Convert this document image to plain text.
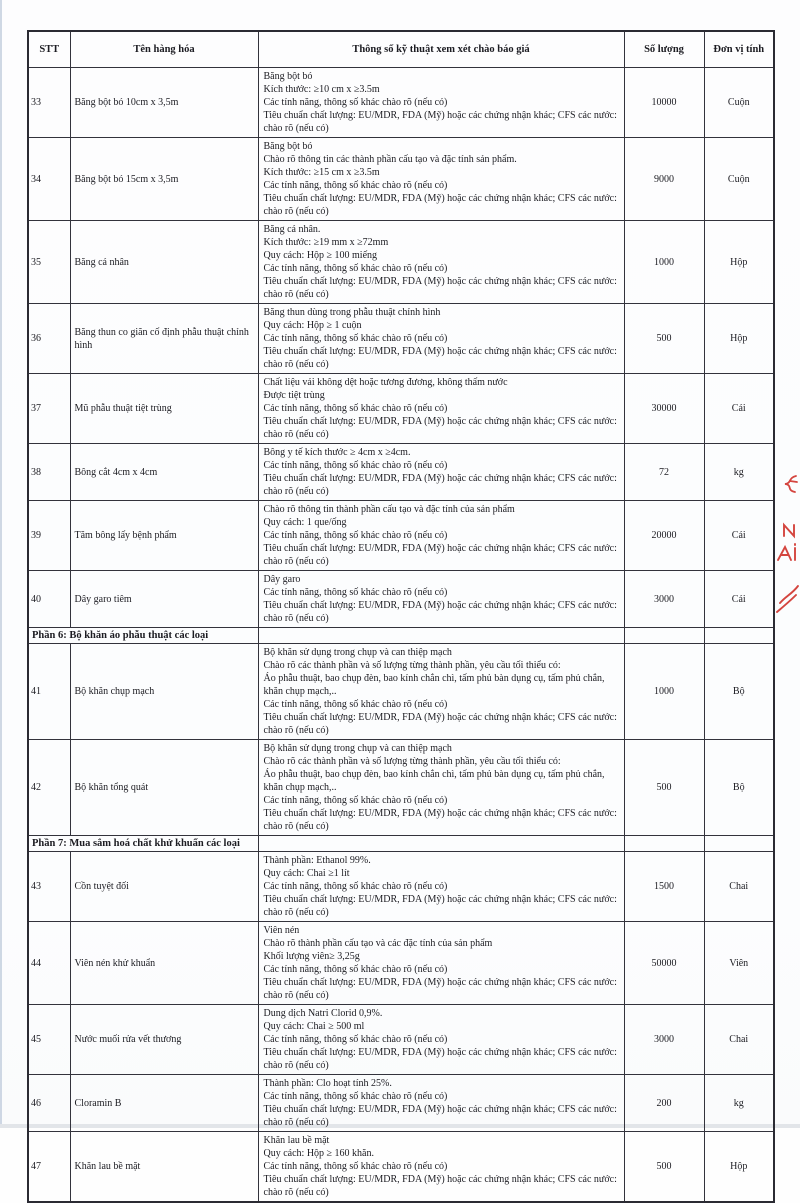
STT	Tên hàng hóa	Thông số kỹ thuật xem xét chào báo giá	Số lượng	Đơn vị tính
33	Băng bột bó 10cm x 3,5m	Băng bột bó
Kích thước: ≥10 cm x ≥3.5m
Các tính năng, thông số khác chào rõ (nếu có)
Tiêu chuẩn chất lượng: EU/MDR, FDA (Mỹ) hoặc các chứng nhận khác; CFS các nước: chào rõ (nếu có)	10000	Cuộn
34	Băng bột bó 15cm x 3,5m	Băng bột bó
Chào rõ thông tin các thành phần cấu tạo và đặc tính sản phẩm.
Kích thước: ≥15 cm x ≥3.5m
Các tính năng, thông số khác chào rõ (nếu có)
Tiêu chuẩn chất lượng: EU/MDR, FDA (Mỹ) hoặc các chứng nhận khác; CFS các nước: chào rõ (nếu có)	9000	Cuộn
35	Băng cá nhân	Băng cá nhân.
Kích thước: ≥19 mm x ≥72mm
Quy cách: Hộp ≥ 100 miếng
Các tính năng, thông số khác chào rõ (nếu có)
Tiêu chuẩn chất lượng: EU/MDR, FDA (Mỹ) hoặc các chứng nhận khác; CFS các nước: chào rõ (nếu có)	1000	Hộp
36	Băng thun co giãn cố định phẫu thuật chỉnh hình	Băng thun dùng trong phẫu thuật chỉnh hình
Quy cách: Hộp ≥ 1 cuộn
Các tính năng, thông số khác chào rõ (nếu có)
Tiêu chuẩn chất lượng: EU/MDR, FDA (Mỹ) hoặc các chứng nhận khác; CFS các nước: chào rõ (nếu có)	500	Hộp
37	Mũ phẫu thuật tiệt trùng	Chất liệu vải không dệt hoặc tương đương, không thấm nước
Được tiệt trùng
Các tính năng, thông số khác chào rõ (nếu có)
Tiêu chuẩn chất lượng: EU/MDR, FDA (Mỹ) hoặc các chứng nhận khác; CFS các nước: chào rõ (nếu có)	30000	Cái
38	Bông cắt 4cm x 4cm	Bông y tế kích thước ≥ 4cm x ≥4cm.
Các tính năng, thông số khác chào rõ (nếu có)
Tiêu chuẩn chất lượng: EU/MDR, FDA (Mỹ) hoặc các chứng nhận khác; CFS các nước: chào rõ (nếu có)	72	kg
39	Tăm bông lấy bệnh phẩm	Chào rõ thông tin thành phần cấu tạo và đặc tính của sản phẩm
Quy cách: 1 que/ống
Các tính năng, thông số khác chào rõ (nếu có)
Tiêu chuẩn chất lượng: EU/MDR, FDA (Mỹ) hoặc các chứng nhận khác; CFS các nước: chào rõ (nếu có)	20000	Cái
40	Dây garo tiêm	Dây garo
Các tính năng, thông số khác chào rõ (nếu có)
Tiêu chuẩn chất lượng: EU/MDR, FDA (Mỹ) hoặc các chứng nhận khác; CFS các nước: chào rõ (nếu có)	3000	Cái
Phần 6: Bộ khăn áo phẫu thuật các loại				
41	Bộ khăn chụp mạch	Bộ khăn sử dụng trong chụp và can thiệp mạch
Chào rõ các thành phần và số lượng từng thành phần, yêu cầu tối thiểu có:
Áo phẫu thuật, bao chụp đèn, bao kính chắn chì, tấm phủ bàn dụng cụ, tấm phủ chắn, khăn chụp mạch,..
Các tính năng, thông số khác chào rõ (nếu có)
Tiêu chuẩn chất lượng: EU/MDR, FDA (Mỹ) hoặc các chứng nhận khác; CFS các nước: chào rõ (nếu có)	1000	Bộ
42	Bộ khăn tổng quát	Bộ khăn sử dụng trong chụp và can thiệp mạch
Chào rõ các thành phần và số lượng từng thành phần, yêu cầu tối thiểu có:
Áo phẫu thuật, bao chụp đèn, bao kính chắn chì, tấm phủ bàn dụng cụ, tấm phủ chắn, khăn chụp mạch,..
Các tính năng, thông số khác chào rõ (nếu có)
Tiêu chuẩn chất lượng: EU/MDR, FDA (Mỹ) hoặc các chứng nhận khác; CFS các nước: chào rõ (nếu có)	500	Bộ
Phần 7: Mua sắm hoá chất khử khuẩn các loại				
43	Cồn tuyệt đối	Thành phần: Ethanol 99%.
Quy cách: Chai ≥1 lít
Các tính năng, thông số khác chào rõ (nếu có)
Tiêu chuẩn chất lượng: EU/MDR, FDA (Mỹ) hoặc các chứng nhận khác; CFS các nước: chào rõ (nếu có)	1500	Chai
44	Viên nén khử khuẩn	Viên nén
Chào rõ thành phần cấu tạo và các đặc tính của sản phẩm
Khối lượng viên≥ 3,25g
Các tính năng, thông số khác chào rõ (nếu có)
Tiêu chuẩn chất lượng: EU/MDR, FDA (Mỹ) hoặc các chứng nhận khác; CFS các nước: chào rõ (nếu có)	50000	Viên
45	Nước muối rửa vết thương	Dung dịch Natri Clorid 0,9%.
Quy cách: Chai ≥ 500 ml
Các tính năng, thông số khác chào rõ (nếu có)
Tiêu chuẩn chất lượng: EU/MDR, FDA (Mỹ) hoặc các chứng nhận khác; CFS các nước: chào rõ (nếu có)	3000	Chai
46	Cloramin B	Thành phần: Clo hoạt tính 25%.
Các tính năng, thông số khác chào rõ (nếu có)
Tiêu chuẩn chất lượng: EU/MDR, FDA (Mỹ) hoặc các chứng nhận khác; CFS các nước: chào rõ (nếu có)	200	kg
47	Khăn lau bề mặt	Khăn lau bề mặt
Quy cách: Hộp ≥ 160 khăn.
Các tính năng, thông số khác chào rõ (nếu có)
Tiêu chuẩn chất lượng: EU/MDR, FDA (Mỹ) hoặc các chứng nhận khác; CFS các nước: chào rõ (nếu có)	500	Hộp
